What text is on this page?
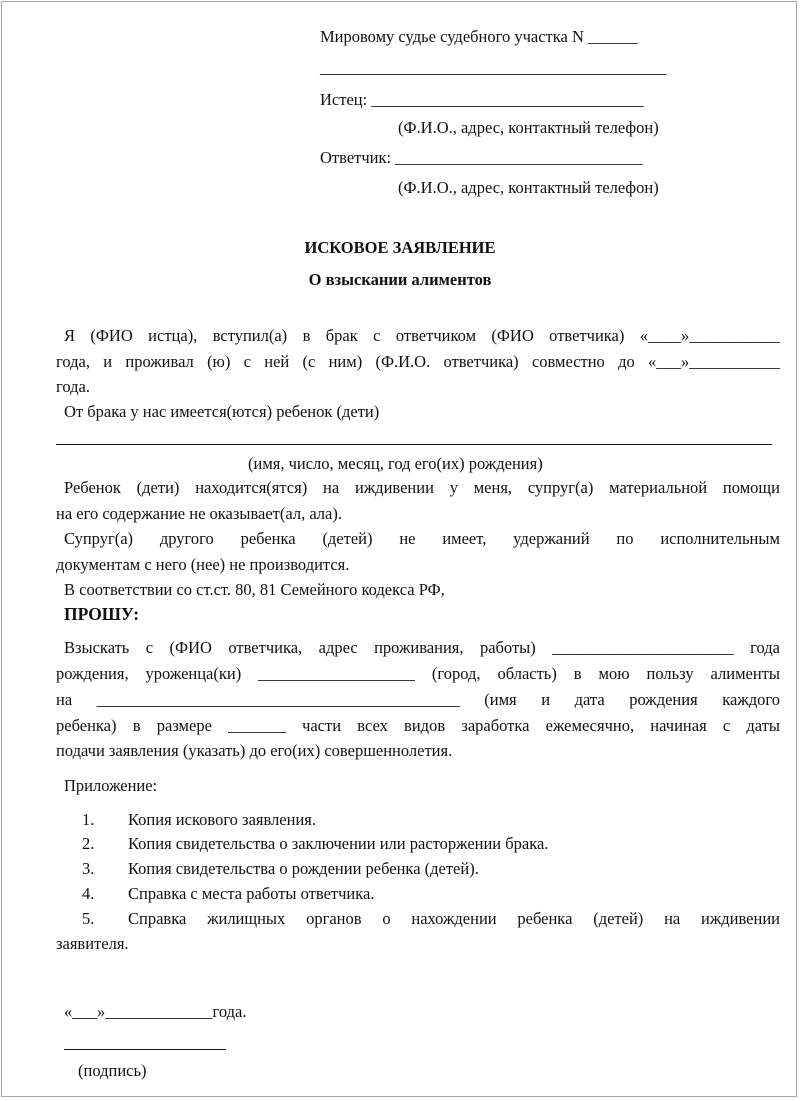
Мировому судье судебного участка N ______
__________________________________________
Истец: _________________________________
(Ф.И.О., адрес, контактный телефон)
Ответчик: ______________________________
(Ф.И.О., адрес, контактный телефон)
ИСКОВОЕ ЗАЯВЛЕНИЕ
О взыскании алиментов
Я (ФИО истца), вступил(а) в брак с ответчиком (ФИО ответчика) «____»___________
года, и проживал (ю) с ней (с ним) (Ф.И.О. ответчика) совместно до «___»___________
года.
От брака у нас имеется(ются) ребенок (дети)
(имя, число, месяц, год его(их) рождения)
Ребенок (дети) находится(ятся) на иждивении у меня, супруг(а) материальной помощи
на его содержание не оказывает(ал, ала).
Супруг(а) другого ребенка (детей) не имеет, удержаний по исполнительным
документам с него (нее) не производится.
В соответствии со ст.ст. 80, 81 Семейного кодекса РФ,
ПРОШУ:
Взыскать с (ФИО ответчика, адрес проживания, работы) ______________________ года
рождения, уроженца(ки) ___________________ (город, область) в мою пользу алименты
на ____________________________________________ (имя и дата рождения каждого
ребенка) в размере _______ части всех видов заработка ежемесячно, начиная с даты
подачи заявления (указать) до его(их) совершеннолетия.
Приложение:
1. Копия искового заявления.
2. Копия свидетельства о заключении или расторжении брака.
3. Копия свидетельства о рождении ребенка (детей).
4. Справка с места работы ответчика.
5. Справка жилищных органов о нахождении ребенка (детей) на иждивении
заявителя.
«___»_____________года.
(подпись)
